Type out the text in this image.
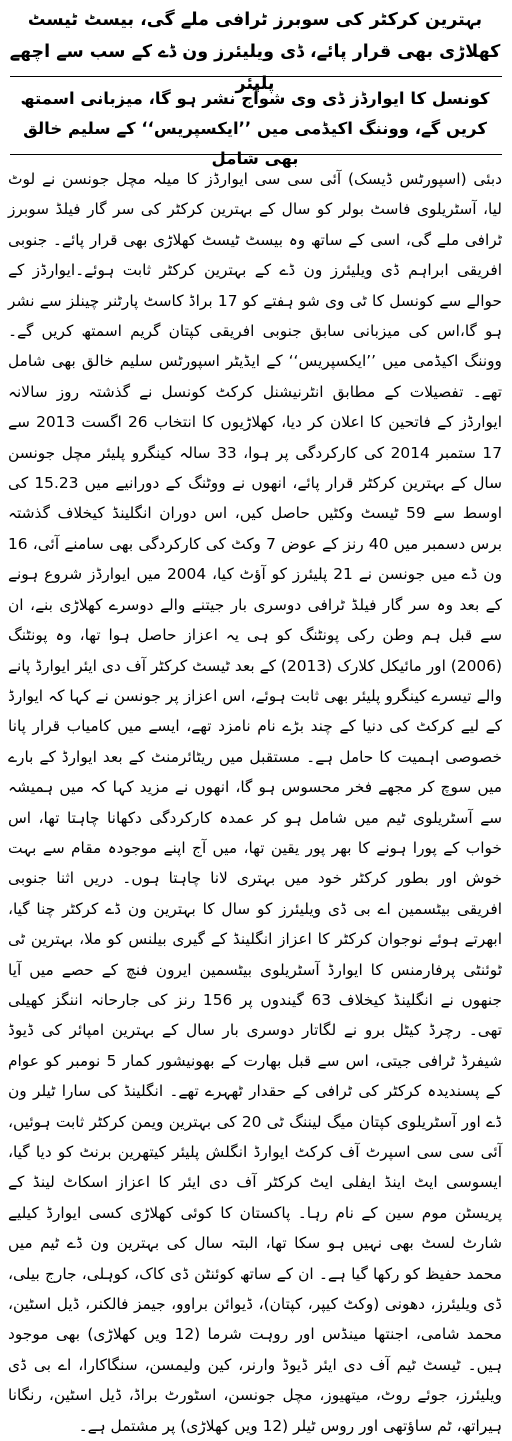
بہترین کرکٹر کی سوبرز ٹرافی ملے گی، بیسٹ ٹیسٹ کھلاڑی بھی قرار پائے، ڈی ویلیئرز ون ڈے کے سب سے اچھے پلیئر
کونسل کا ایوارڈز ڈی وی شوآج نشر ہو گا، میزبانی اسمتھ کریں گے، ووننگ اکیڈمی میں ’’ایکسپریس‘‘ کے سلیم خالق بھی شامل
دبئی (اسپورٹس ڈیسک) آئی سی سی ایوارڈز کا میلہ مچل جونسن نے لوٹ لیا، آسٹریلوی فاسٹ بولر کو سال کے بہترین کرکٹر کی سر گار فیلڈ سوبرز ٹرافی ملے گی، اسی کے ساتھ وہ بیسٹ ٹیسٹ کھلاڑی بھی قرار پائے۔ جنوبی افریقی ابراہم ڈی ویلیئرز ون ڈے کے بہترین کرکٹر ثابت ہوئے۔ایوارڈز کے حوالے سے کونسل کا ٹی وی شو ہفتے کو 17 براڈ کاسٹ پارٹنر چینلز سے نشر ہو گا،اس کی میزبانی سابق جنوبی افریقی کپتان گریم اسمتھ کریں گے۔ ووننگ اکیڈمی میں ’’ایکسپریس‘‘ کے ایڈیٹر اسپورٹس سلیم خالق بھی شامل تھے۔ تفصیلات کے مطابق انٹرنیشنل کرکٹ کونسل نے گذشتہ روز سالانہ ایوارڈز کے فاتحین کا اعلان کر دیا، کھلاڑیوں کا انتخاب 26 اگست 2013 سے 17 ستمبر 2014 کی کارکردگی پر ہوا، 33 سالہ کینگرو پلیئر مچل جونسن سال کے بہترین کرکٹر قرار پائے، انھوں نے ووٹنگ کے دورانیے میں 15.23 کی اوسط سے 59 ٹیسٹ وکٹیں حاصل کیں، اس دوران انگلینڈ کیخلاف گذشتہ برس دسمبر میں 40 رنز کے عوض 7 وکٹ کی کارکردگی بھی سامنے آئی، 16 ون ڈے میں جونسن نے 21 پلیئرز کو آؤٹ کیا، 2004 میں ایوارڈز شروع ہونے کے بعد وہ سر گار فیلڈ ٹرافی دوسری بار جیتنے والے دوسرے کھلاڑی بنے، ان سے قبل ہم وطن رکی پونٹنگ کو ہی یہ اعزاز حاصل ہوا تھا، وہ پونٹنگ (2006) اور مائیکل کلارک (2013) کے بعد ٹیسٹ کرکٹر آف دی ایئر ایوارڈ پانے والے تیسرے کینگرو پلیئر بھی ثابت ہوئے، اس اعزاز پر جونسن نے کہا کہ ایوارڈ کے لیے کرکٹ کی دنیا کے چند بڑے نام نامزد تھے، ایسے میں کامیاب قرار پانا خصوصی اہمیت کا حامل ہے۔ مستقبل میں ریٹائرمنٹ کے بعد ایوارڈ کے بارے میں سوچ کر مجھے فخر محسوس ہو گا، انھوں نے مزید کہا کہ میں ہمیشہ سے آسٹریلوی ٹیم میں شامل ہو کر عمدہ کارکردگی دکھانا چاہتا تھا، اس خواب کے پورا ہونے کا بھر پور یقین تھا، میں آج اپنے موجودہ مقام سے بہت خوش اور بطور کرکٹر خود میں بہتری لانا چاہتا ہوں۔ دریں اثنا جنوبی افریقی بیٹسمین اے بی ڈی ویلیئرز کو سال کا بہترین ون ڈے کرکٹر چنا گیا، ابھرتے ہوئے نوجوان کرکٹر کا اعزاز انگلینڈ کے گیری بیلنس کو ملا، بہترین ٹی ٹوئنٹی پرفارمنس کا ایوارڈ آسٹریلوی بیٹسمین ایرون فنچ کے حصے میں آیا جنھوں نے انگلینڈ کیخلاف 63 گیندوں پر 156 رنز کی جارحانہ اننگز کھیلی تھی۔ رچرڈ کیٹل برو نے لگاتار دوسری بار سال کے بہترین امپائر کی ڈیوڈ شیفرڈ ٹرافی جیتی، اس سے قبل بھارت کے بھونیشور کمار 5 نومبر کو عوام کے پسندیدہ کرکٹر کی ٹرافی کے حقدار ٹھہرے تھے۔ انگلینڈ کی سارا ٹیلر ون ڈے اور آسٹریلوی کپتان میگ لیننگ ٹی 20 کی بہترین ویمن کرکٹر ثابت ہوئیں، آئی سی سی اسپرٹ آف کرکٹ ایوارڈ انگلش پلیئر کیتھرین برنٹ کو دیا گیا، ایسوسی ایٹ اینڈ ایفلی ایٹ کرکٹر آف دی ایئر کا اعزاز اسکاٹ لینڈ کے پریسٹن موم سین کے نام رہا۔ پاکستان کا کوئی کھلاڑی کسی ایوارڈ کیلیے شارٹ لسٹ بھی نہیں ہو سکا تھا، البتہ سال کی بہترین ون ڈے ٹیم میں محمد حفیظ کو رکھا گیا ہے۔ ان کے ساتھ کوئنٹن ڈی کاک، کوہلی، جارج بیلی، ڈی ویلیئرز، دھونی (وکٹ کیپر، کپتان)، ڈیوائن براوو، جیمز فالکنر، ڈیل اسٹین، محمد شامی، اجنتھا مینڈس اور روہت شرما (12 ویں کھلاڑی) بھی موجود ہیں۔ ٹیسٹ ٹیم آف دی ایئر ڈیوڈ وارنر، کین ولیمسن، سنگاکارا، اے بی ڈی ویلیئرز، جوئے روٹ، میتھیوز، مچل جونسن، اسٹورٹ براڈ، ڈیل اسٹین، رنگانا ہیراتھ، ٹم ساؤتھی اور روس ٹیلر (12 ویں کھلاڑی) پر مشتمل ہے۔
